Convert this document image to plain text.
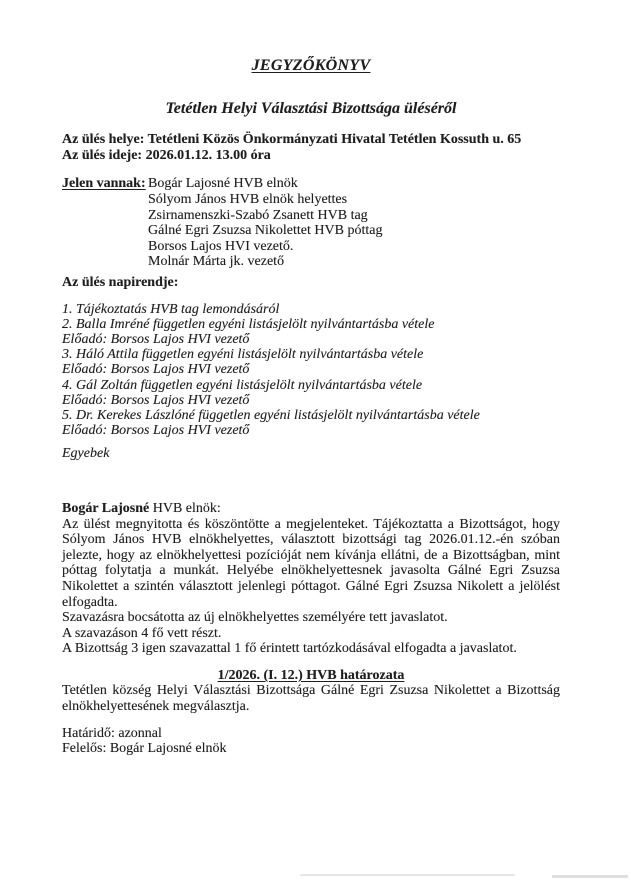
JEGYZŐKÖNYV
Tetétlen Helyi Választási Bizottsága üléséről
Az ülés helye: Tetétleni Közös Önkormányzati Hivatal Tetétlen Kossuth u. 65
Az ülés ideje: 2026.01.12. 13.00 óra
Jelen vannak: Bogár Lajosné HVB elnök
Sólyom János HVB elnök helyettes
Zsirnamenszki-Szabó Zsanett HVB tag
Gálné Egri Zsuzsa Nikolettet HVB póttag
Borsos Lajos HVI vezető.
Molnár Márta jk. vezető
Az ülés napirendje:
1. Tájékoztatás HVB tag lemondásáról
2. Balla Imréné független egyéni listásjelölt nyilvántartásba vétele
Előadó: Borsos Lajos HVI vezető
3. Háló Attila független egyéni listásjelölt nyilvántartásba vétele
Előadó: Borsos Lajos HVI vezető
4. Gál Zoltán független egyéni listásjelölt nyilvántartásba vétele
Előadó: Borsos Lajos HVI vezető
5. Dr. Kerekes Lászlóné független egyéni listásjelölt nyilvántartásba vétele
Előadó: Borsos Lajos HVI vezető
Egyebek
Bogár Lajosné HVB elnök:

Az ülést megnyitotta és köszöntötte a megjelenteket. Tájékoztatta a Bizottságot, hogy Sólyom János HVB elnökhelyettes, választott bizottsági tag 2026.01.12.-én szóban jelezte, hogy az elnökhelyettesi pozícióját nem kívánja ellátni, de a Bizottságban, mint póttag folytatja a munkát. Helyébe elnökhelyettesnek javasolta Gálné Egri Zsuzsa Nikolettet a szintén választott jelenlegi póttagot. Gálné Egri Zsuzsa Nikolett a jelölést elfogadta.

Szavazásra bocsátotta az új elnökhelyettes személyére tett javaslatot.

A szavazáson 4 fő vett részt.

A Bizottság 3 igen szavazattal 1 fő érintett tartózkodásával elfogadta a javaslatot.

1/2026. (I. 12.) HVB határozata

Tetétlen község Helyi Választási Bizottsága Gálné Egri Zsuzsa Nikolettet a Bizottság elnökhelyettesének megválasztja.

Határidő: azonnal
Felelős: Bogár Lajosné elnök
